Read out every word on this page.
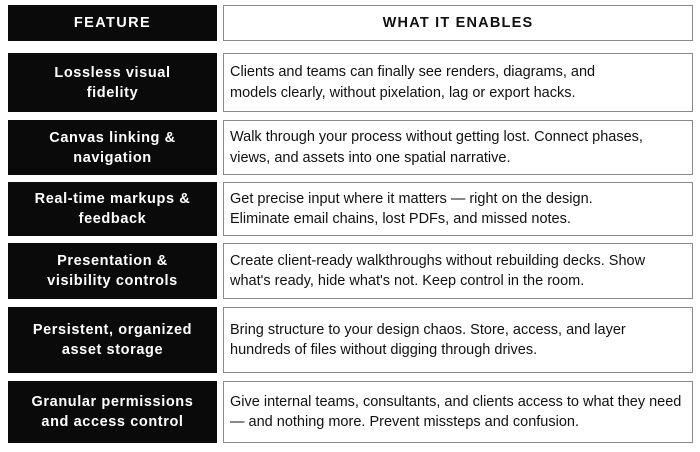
FEATURE	WHAT IT ENABLES
Lossless visual fidelity
Clients and teams can finally see renders, diagrams, and models clearly, without pixelation, lag or export hacks.
Canvas linking & navigation
Walk through your process without getting lost. Connect phases, views, and assets into one spatial narrative.
Real-time markups & feedback
Get precise input where it matters — right on the design. Eliminate email chains, lost PDFs, and missed notes.
Presentation & visibility controls
Create client-ready walkthroughs without rebuilding decks. Show what's ready, hide what's not. Keep control in the room.
Persistent, organized asset storage
Bring structure to your design chaos. Store, access, and layer hundreds of files without digging through drives.
Granular permissions and access control
Give internal teams, consultants, and clients access to what they need — and nothing more. Prevent missteps and confusion.
